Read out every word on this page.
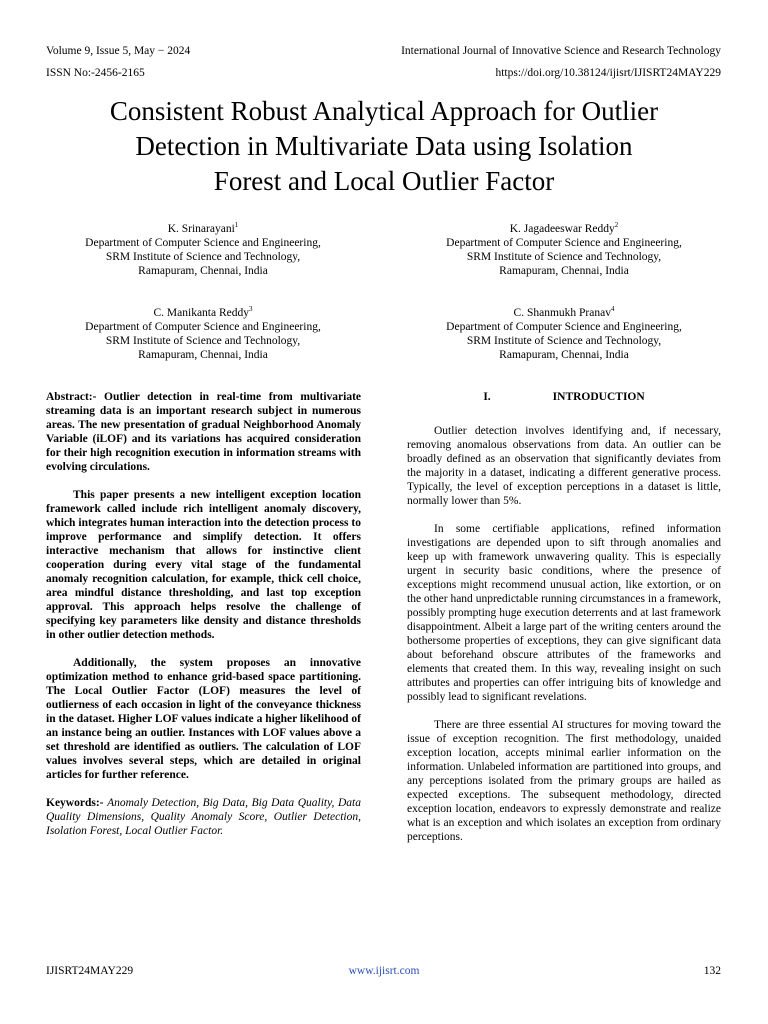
Volume 9, Issue 5, May − 2024	International Journal of Innovative Science and Research Technology
ISSN No:-2456-2165	https://doi.org/10.38124/ijisrt/IJISRT24MAY229
Consistent Robust Analytical Approach for Outlier
Detection in Multivariate Data using Isolation
Forest and Local Outlier Factor
K. Srinarayani$^1$
Department of Computer Science and Engineering,
SRM Institute of Science and Technology,
Ramapuram, Chennai, India
K. Jagadeeswar Reddy$^2$
Department of Computer Science and Engineering,
SRM Institute of Science and Technology,
Ramapuram, Chennai, India
C. Manikanta Reddy$^3$
Department of Computer Science and Engineering,
SRM Institute of Science and Technology,
Ramapuram, Chennai, India
C. Shanmukh Pranav$^4$
Department of Computer Science and Engineering,
SRM Institute of Science and Technology,
Ramapuram, Chennai, India

Abstract:- Outlier detection in real-time from multivariate streaming data is an important research subject in numerous areas. The new presentation of gradual Neighborhood Anomaly Variable (iLOF) and its variations has acquired consideration for their high recognition execution in information streams with evolving circulations.

This paper presents a new intelligent exception location framework called include rich intelligent anomaly discovery, which integrates human interaction into the detection process to improve performance and simplify detection. It offers interactive mechanism that allows for instinctive client cooperation during every vital stage of the fundamental anomaly recognition calculation, for example, thick cell choice, area mindful distance thresholding, and last top exception approval. This approach helps resolve the challenge of specifying key parameters like density and distance thresholds in other outlier detection methods.

Additionally, the system proposes an innovative optimization method to enhance grid-based space partitioning. The Local Outlier Factor (LOF) measures the level of outlierness of each occasion in light of the conveyance thickness in the dataset. Higher LOF values indicate a higher likelihood of an instance being an outlier. Instances with LOF values above a set threshold are identified as outliers. The calculation of LOF values involves several steps, which are detailed in original articles for further reference.

Keywords:- Anomaly Detection, Big Data, Big Data Quality, Data Quality Dimensions, Quality Anomaly Score, Outlier Detection, Isolation Forest, Local Outlier Factor.

I.	INTRODUCTION

Outlier detection involves identifying and, if necessary, removing anomalous observations from data. An outlier can be broadly defined as an observation that significantly deviates from the majority in a dataset, indicating a different generative process. Typically, the level of exception perceptions in a dataset is little, normally lower than 5%.

In some certifiable applications, refined information investigations are depended upon to sift through anomalies and keep up with framework unwavering quality. This is especially urgent in security basic conditions, where the presence of exceptions might recommend unusual action, like extortion, or on the other hand unpredictable running circumstances in a framework, possibly prompting huge execution deterrents and at last framework disappointment. Albeit a large part of the writing centers around the bothersome properties of exceptions, they can give significant data about beforehand obscure attributes of the frameworks and elements that created them. In this way, revealing insight on such attributes and properties can offer intriguing bits of knowledge and possibly lead to significant revelations.

There are three essential AI structures for moving toward the issue of exception recognition. The first methodology, unaided exception location, accepts minimal earlier information on the information. Unlabeled information are partitioned into groups, and any perceptions isolated from the primary groups are hailed as expected exceptions. The subsequent methodology, directed exception location, endeavors to expressly demonstrate and realize what is an exception and which isolates an exception from ordinary perceptions.

IJISRT24MAY229	www.ijisrt.com	132
